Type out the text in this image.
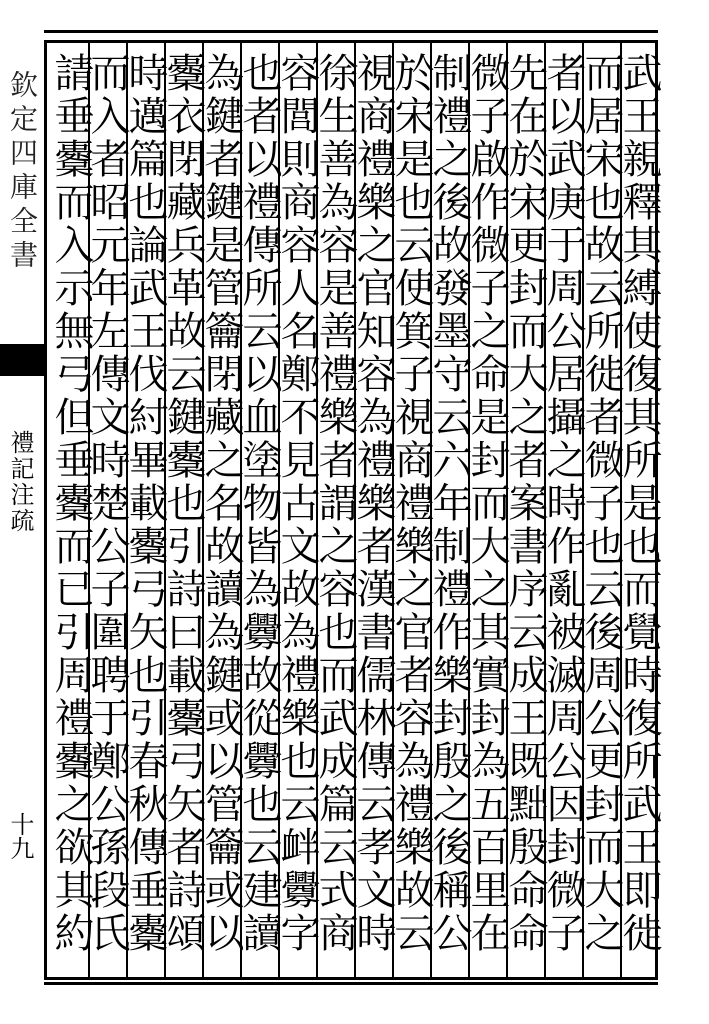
欽定四庫全書
禮記注疏
十九	武王親釋其縛使復其所是也而覺時復所武王即徙
而居宋也故云所徙者微子也云後周公更封而大之
者以武庚于周公居攝之時作亂被滅周公因封微子
先在於宋更封而大之者案書序云成王既黜殷命命
微子啟作微子之命是封而大之其實封為五百里在
制禮之後故發墨守云六年制禮作樂封殷之後稱公
於宋是也云使箕子視商禮樂之官者容為禮樂故云
視商禮樂之官知容為禮樂者漢書儒林傳云孝文時
徐生善為容是善禮樂者謂之容也而武成篇云式商
容閭則商容人名鄭不見古文故為禮樂也云衅釁字
也者以禮傳所云以血塗物皆為釁故從釁也云建讀
為鍵者鍵是管籥閉藏之名故讀為鍵或以管籥或以
櫜衣閉藏兵革故云鍵櫜也引詩曰載櫜弓矢者詩頌
時邁篇也論武王伐紂畢載櫜弓矢也引春秋傳垂櫜
而入者昭元年左傳文時楚公子圍聘于鄭公孫段氏
請垂櫜而入示無弓但垂櫜而已引周禮櫜之欲其約
